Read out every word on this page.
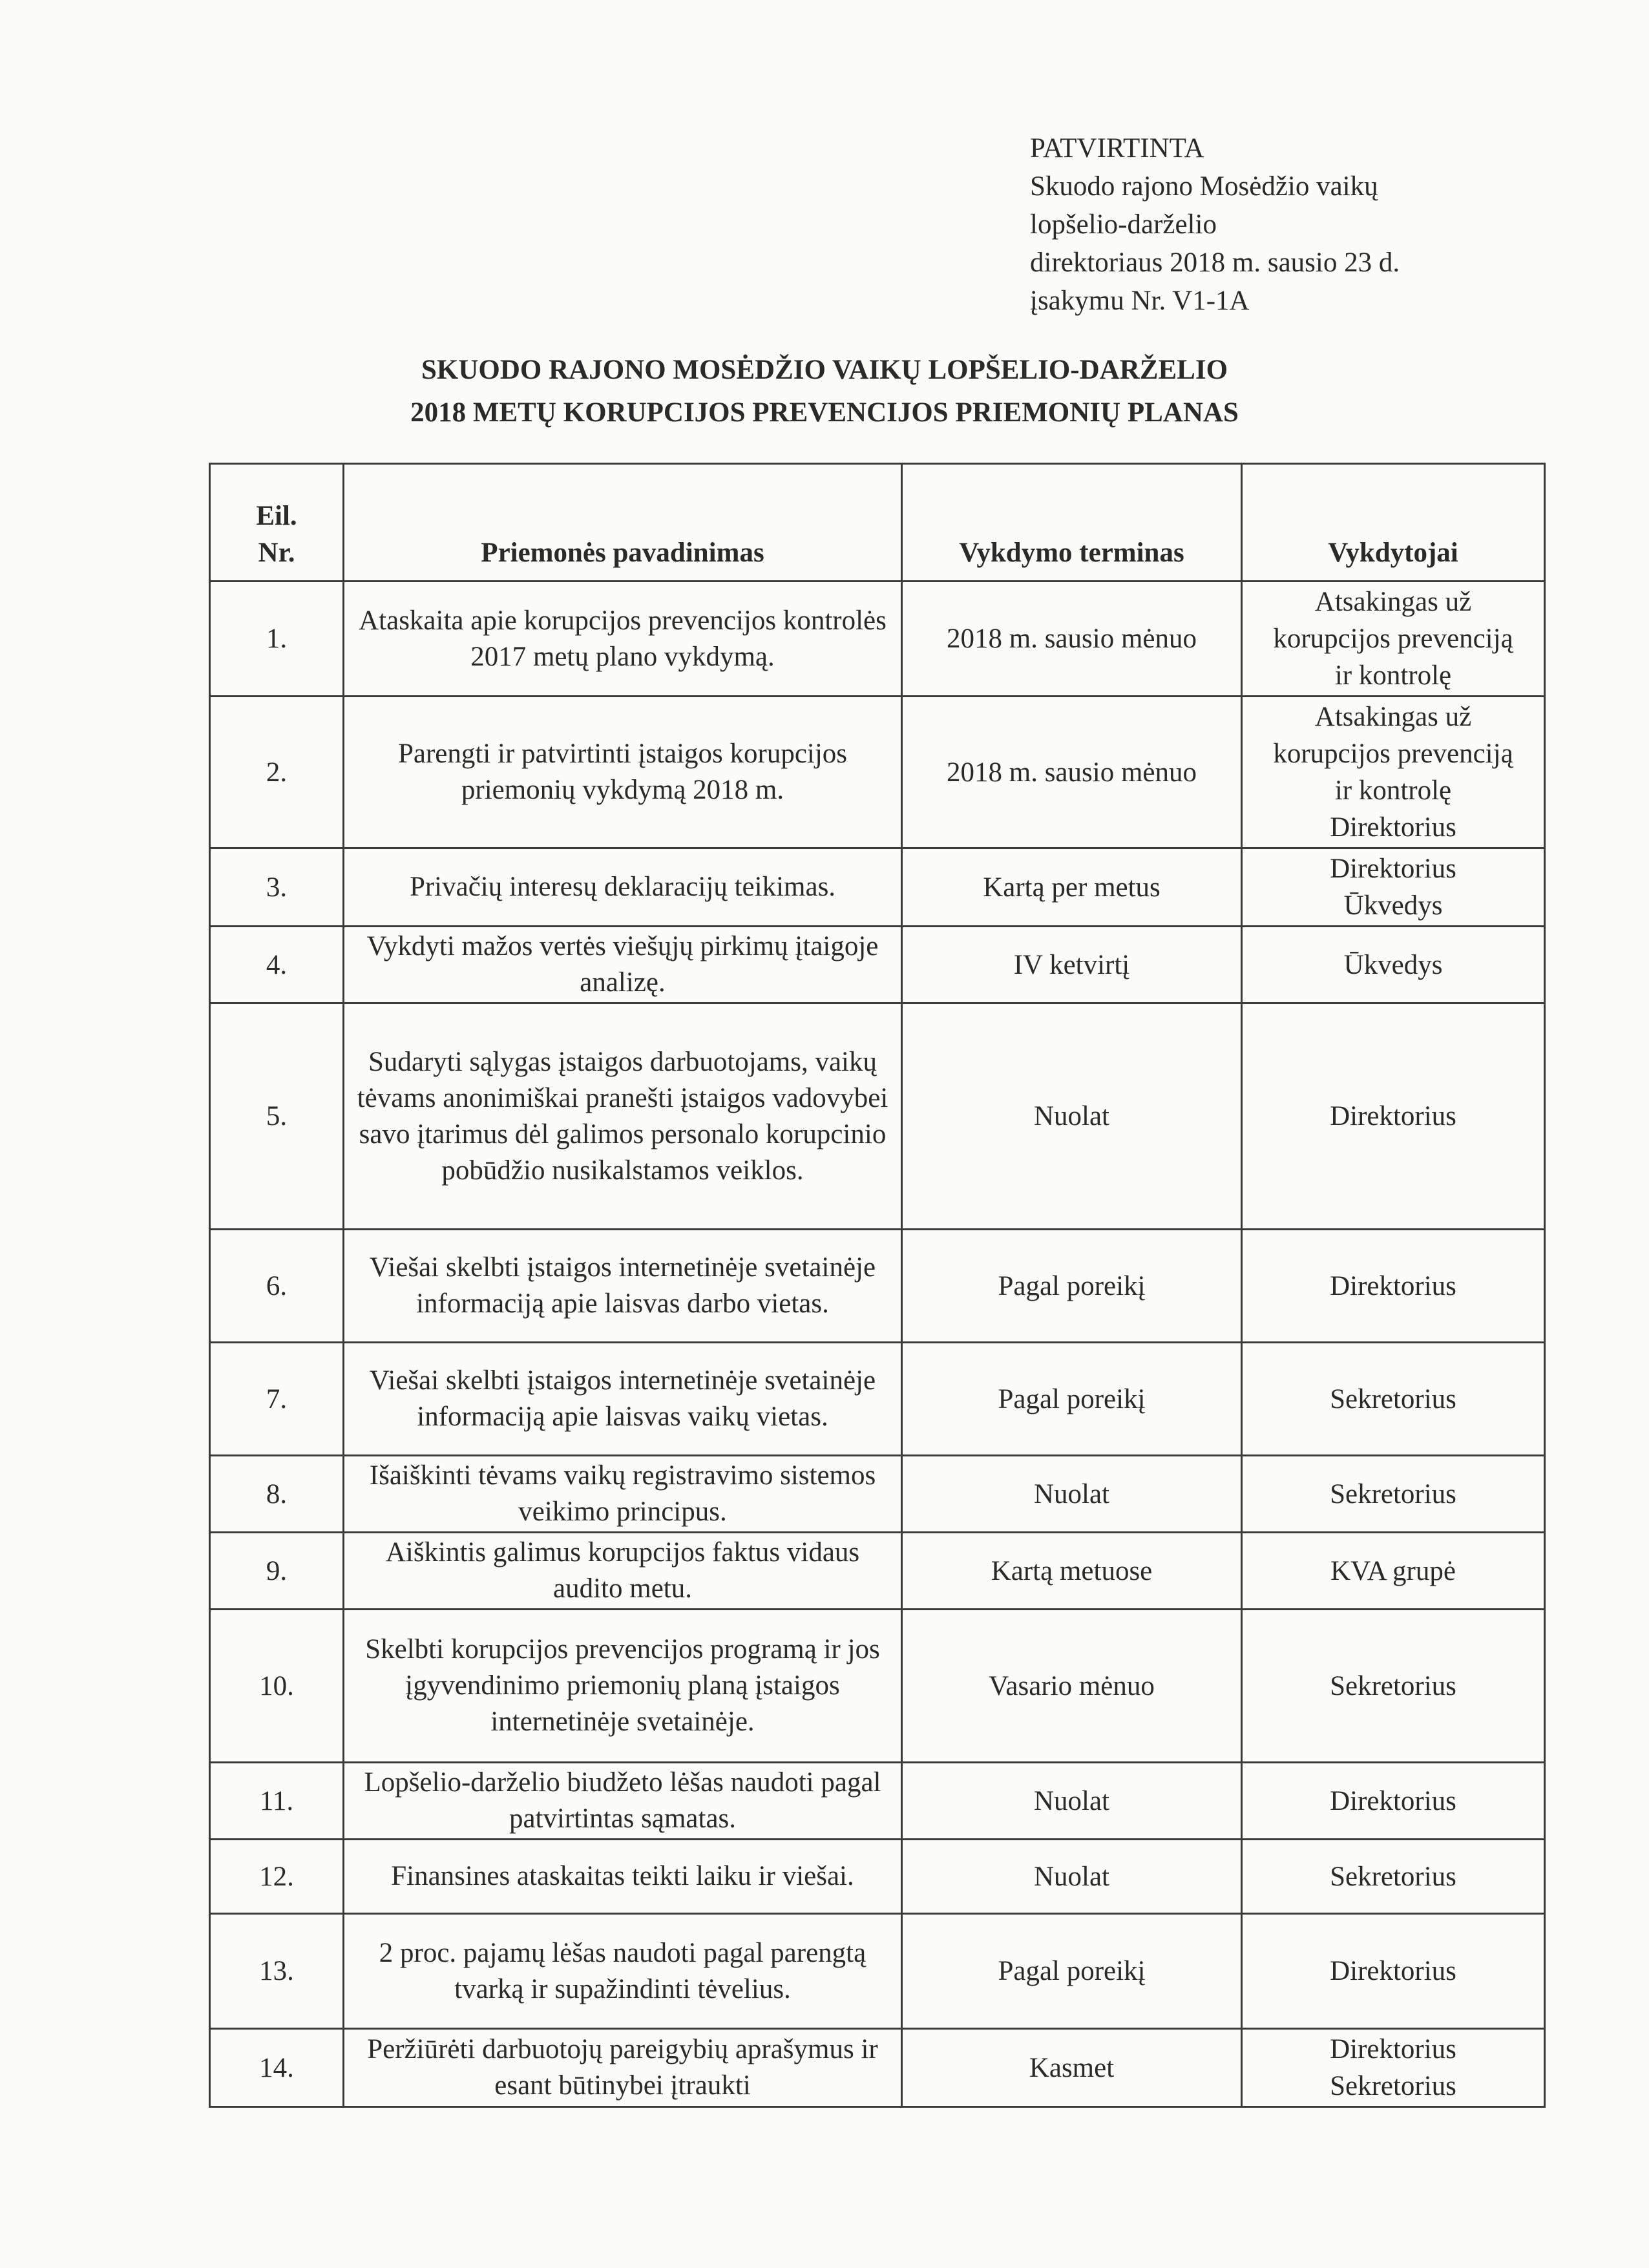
PATVIRTINTA
Skuodo rajono Mosėdžio vaikų
lopšelio-darželio
direktoriaus 2018 m. sausio 23 d.
įsakymu Nr. V1-1A
SKUODO RAJONO MOSĖDŽIO VAIKŲ LOPŠELIO-DARŽELIO
2018 METŲ KORUPCIJOS PREVENCIJOS PRIEMONIŲ PLANAS
Eil.
Nr.	Priemonės pavadinimas	Vykdymo terminas	Vykdytojai
1.	Ataskaita apie korupcijos prevencijos kontrolės 2017 metų plano vykdymą.	2018 m. sausio mėnuo	Atsakingas už
korupcijos prevenciją
ir kontrolę

2.	Parengti ir patvirtinti įstaigos korupcijos priemonių vykdymą 2018 m.	2018 m. sausio mėnuo	Atsakingas už
korupcijos prevenciją
ir kontrolę
Direktorius

3.	Privačių interesų deklaracijų teikimas.	Kartą per metus	Direktorius
Ūkvedys

4.	Vykdyti mažos vertės viešųjų pirkimų įtaigoje analizę.	IV ketvirtį	Ūkvedys

5.	Sudaryti sąlygas įstaigos darbuotojams, vaikų tėvams anonimiškai pranešti įstaigos vadovybei savo įtarimus dėl galimos personalo korupcinio pobūdžio nusikalstamos veiklos.	Nuolat	Direktorius

6.	Viešai skelbti įstaigos internetinėje svetainėje informaciją apie laisvas darbo vietas.	Pagal poreikį	Direktorius

7.	Viešai skelbti įstaigos internetinėje svetainėje informaciją apie laisvas vaikų vietas.	Pagal poreikį	Sekretorius

8.	Išaiškinti tėvams vaikų registravimo sistemos veikimo principus.	Nuolat	Sekretorius

9.	Aiškintis galimus korupcijos faktus vidaus audito metu.	Kartą metuose	KVA grupė

10.	Skelbti korupcijos prevencijos programą ir jos įgyvendinimo priemonių planą įstaigos internetinėje svetainėje.	Vasario mėnuo	Sekretorius

11.	Lopšelio-darželio biudžeto lėšas naudoti pagal patvirtintas sąmatas.	Nuolat	Direktorius

12.	Finansines ataskaitas teikti laiku ir viešai.	Nuolat	Sekretorius

13.	2 proc. pajamų lėšas naudoti pagal parengtą tvarką ir supažindinti tėvelius.	Pagal poreikį	Direktorius

14.	Peržiūrėti darbuotojų pareigybių aprašymus ir esant būtinybei įtraukti	Kasmet	Direktorius
Sekretorius
